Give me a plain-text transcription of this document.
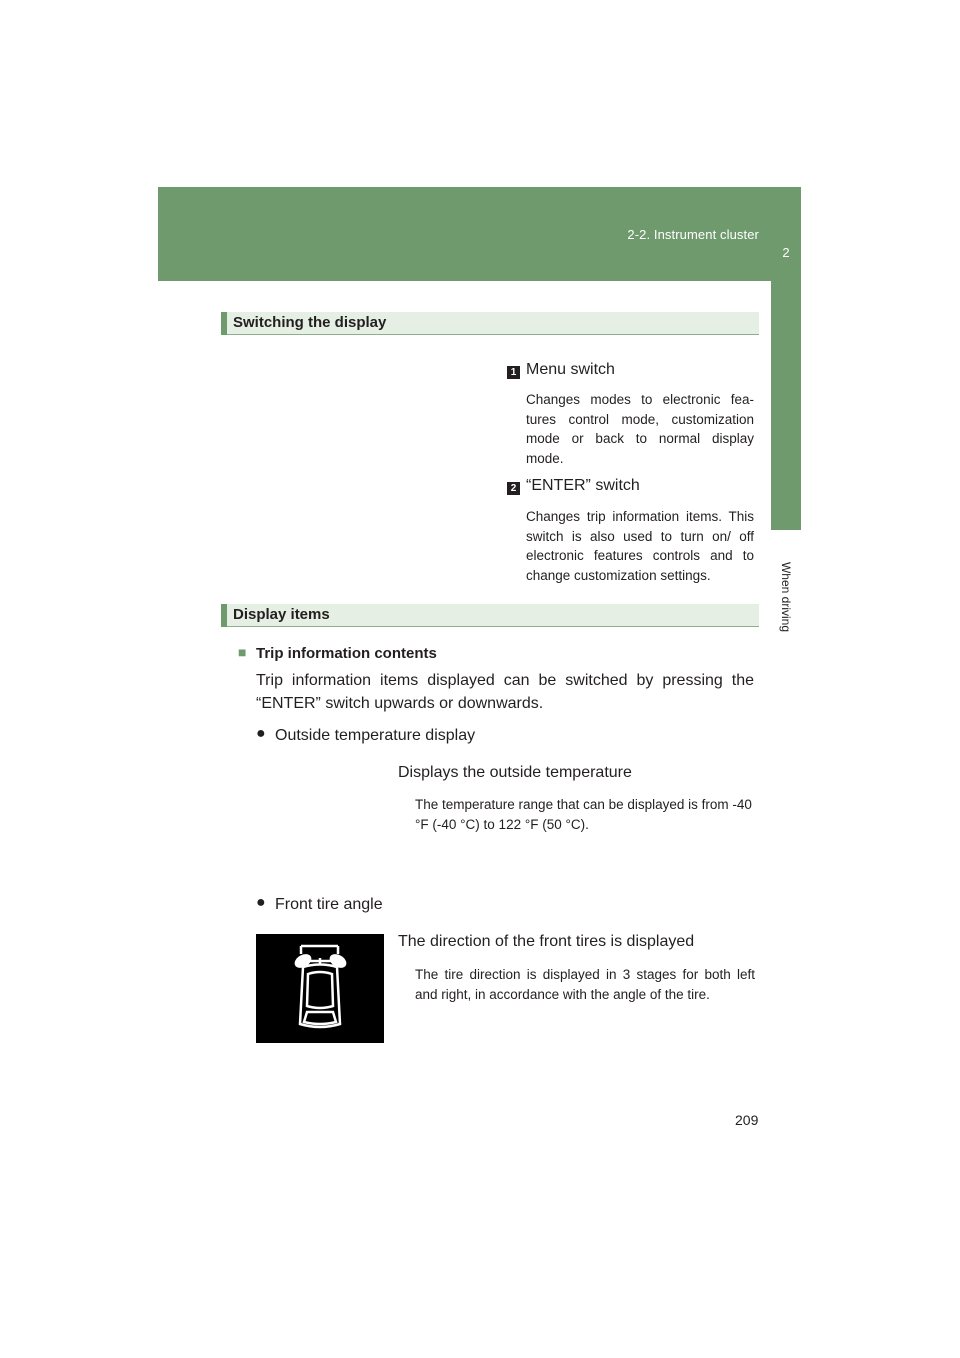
2-2. Instrument cluster
2
When driving
Switching the display
1 Menu switch
Changes modes to electronic fea- tures control mode, customization mode or back to normal display mode.
2 “ENTER” switch
Changes trip information items. This switch is also used to turn on/ off electronic features controls and to change customization settings.
Display items
■ Trip information contents
Trip information items displayed can be switched by pressing the “ENTER” switch upwards or downwards.
● Outside temperature display
Displays the outside temperature
The temperature range that can be displayed is from -40 °F (-40 °C) to 122 °F (50 °C).
● Front tire angle
The direction of the front tires is displayed
The tire direction is displayed in 3 stages for both left and right, in accordance with the angle of the tire.
209
